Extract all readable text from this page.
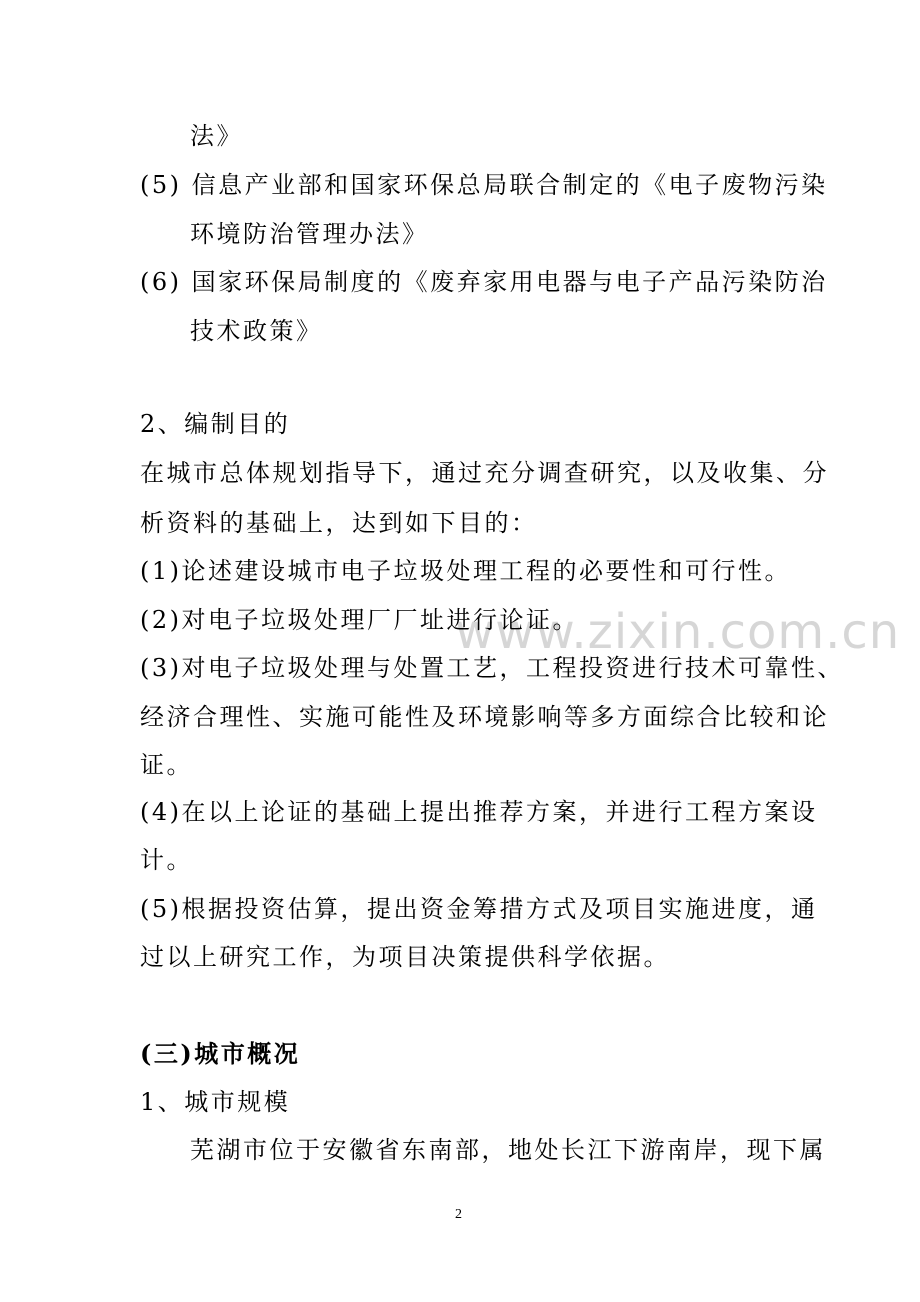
www.zixin.com.cn
法》
(5) 信息产业部和国家环保总局联合制定的《电子废物污染
环境防治管理办法》
(6) 国家环保局制度的《废弃家用电器与电子产品污染防治
技术政策》
2、编制目的
在城市总体规划指导下，通过充分调查研究，以及收集、分
析资料的基础上，达到如下目的：
(1)论述建设城市电子垃圾处理工程的必要性和可行性。
(2)对电子垃圾处理厂厂址进行论证。
(3)对电子垃圾处理与处置工艺，工程投资进行技术可靠性、
经济合理性、实施可能性及环境影响等多方面综合比较和论
证。
(4)在以上论证的基础上提出推荐方案，并进行工程方案设
计。
(5)根据投资估算，提出资金筹措方式及项目实施进度，通
过以上研究工作，为项目决策提供科学依据。
(三)城市概况
1、城市规模
芜湖市位于安徽省东南部，地处长江下游南岸，现下属
2
